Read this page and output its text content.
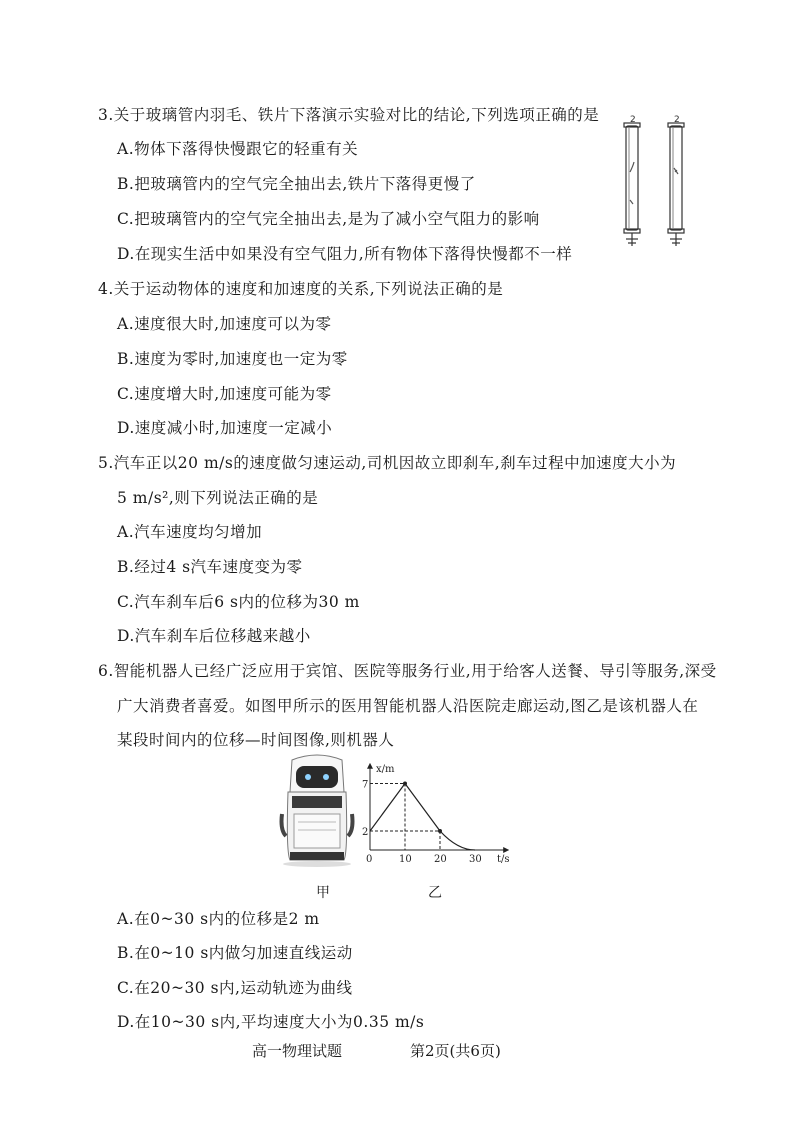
3.关于玻璃管内羽毛、铁片下落演示实验对比的结论,下列选项正确的是
A.物体下落得快慢跟它的轻重有关
B.把玻璃管内的空气完全抽出去,铁片下落得更慢了
C.把玻璃管内的空气完全抽出去,是为了减小空气阻力的影响
D.在现实生活中如果没有空气阻力,所有物体下落得快慢都不一样
2	2
4.关于运动物体的速度和加速度的关系,下列说法正确的是
A.速度很大时,加速度可以为零
B.速度为零时,加速度也一定为零
C.速度增大时,加速度可能为零
D.速度减小时,加速度一定减小
5.汽车正以20 m/s的速度做匀速运动,司机因故立即刹车,刹车过程中加速度大小为
5 m/s²,则下列说法正确的是
A.汽车速度均匀增加
B.经过4 s汽车速度变为零
C.汽车刹车后6 s内的位移为30 m
D.汽车刹车后位移越来越小
6.智能机器人已经广泛应用于宾馆、医院等服务行业,用于给客人送餐、导引等服务,深受
广大消费者喜爱。如图甲所示的医用智能机器人沿医院走廊运动,图乙是该机器人在
某段时间内的位移—时间图像,则机器人
甲
x/m
t/s
0	10 20 30
2
7
乙
A.在0~30 s内的位移是2 m
B.在0~10 s内做匀加速直线运动
C.在20~30 s内,运动轨迹为曲线
D.在10~30 s内,平均速度大小为0.35 m/s
高一物理试题	第2页(共6页)
